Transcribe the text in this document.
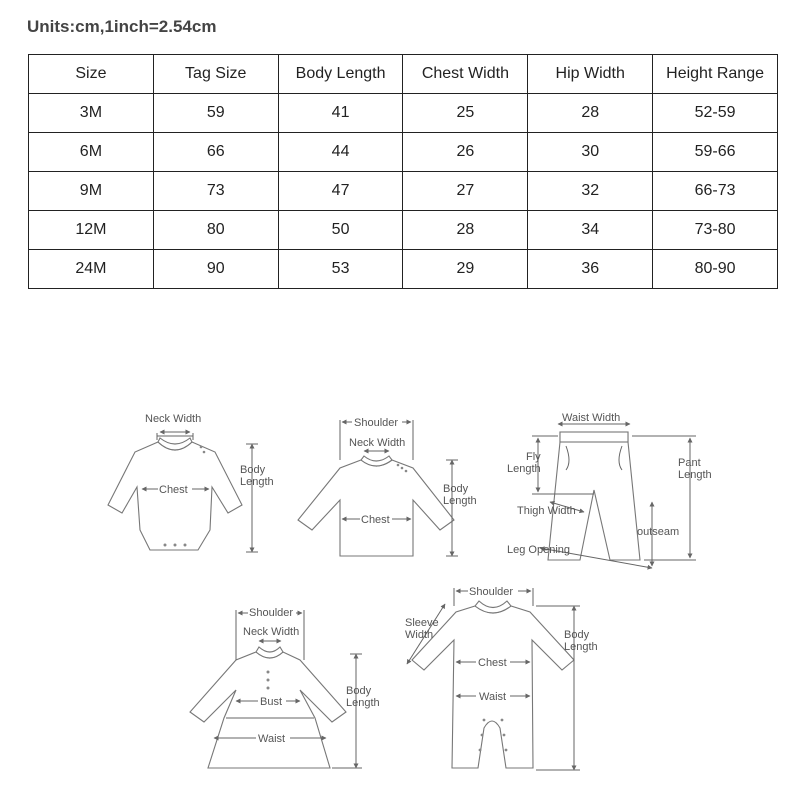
Units:cm,1inch=2.54cm
Size	Tag Size	Body Length	Chest Width	Hip Width	Height Range
3M	59	41	25	28	52-59
6M	66	44	26	30	59-66
9M	73	47	27	32	66-73
12M	80	50	28	34	73-80
24M	90	53	29	36	80-90
Neck Width
Chest
Body
Length
Shoulder
Neck Width
Chest
Body
Length
Waist Width
Fly
Length	Pant
Length
Thigh Width
outseam
Leg Opening
Shoulder
Neck Width
Bust
Waist
Body
Length
Shoulder
Sleeve
Width
Chest
Waist
Body
Length
